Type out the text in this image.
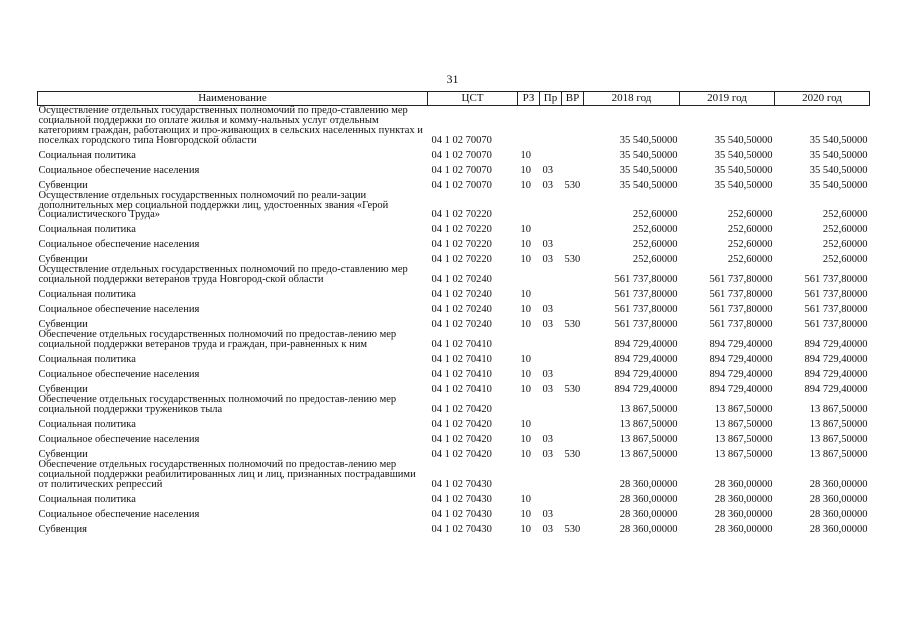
31
Наименование	ЦСТ	РЗ	Пр	ВР	2018 год	2019 год	2020 год
Осуществление отдельных государственных полномочий по предо-ставлению мер социальной поддержки по оплате жилья и комму-нальных услуг отдельным категориям граждан, работающих и про-живающих в сельских населенных пунктах и поселках городского типа Новгородской области	04 1 02 70070				35 540,50000	35 540,50000	35 540,50000
Социальная политика	04 1 02 70070	10			35 540,50000	35 540,50000	35 540,50000
Социальное обеспечение населения	04 1 02 70070	10	03		35 540,50000	35 540,50000	35 540,50000
Субвенции	04 1 02 70070	10	03	530	35 540,50000	35 540,50000	35 540,50000
Осуществление отдельных государственных полномочий по реали-зации дополнительных мер социальной поддержки лиц, удостоенных звания «Герой Социалистического Труда»	04 1 02 70220				252,60000	252,60000	252,60000
Социальная политика	04 1 02 70220	10			252,60000	252,60000	252,60000
Социальное обеспечение населения	04 1 02 70220	10	03		252,60000	252,60000	252,60000
Субвенции	04 1 02 70220	10	03	530	252,60000	252,60000	252,60000
Осуществление отдельных государственных полномочий по предо-ставлению мер социальной поддержки ветеранов труда Новгород-ской области	04 1 02 70240				561 737,80000	561 737,80000	561 737,80000
Социальная политика	04 1 02 70240	10			561 737,80000	561 737,80000	561 737,80000
Социальное обеспечение населения	04 1 02 70240	10	03		561 737,80000	561 737,80000	561 737,80000
Субвенции	04 1 02 70240	10	03	530	561 737,80000	561 737,80000	561 737,80000
Обеспечение отдельных государственных полномочий по предостав-лению мер социальной поддержки ветеранов труда и граждан, при-равненных к ним	04 1 02 70410				894 729,40000	894 729,40000	894 729,40000
Социальная политика	04 1 02 70410	10			894 729,40000	894 729,40000	894 729,40000
Социальное обеспечение населения	04 1 02 70410	10	03		894 729,40000	894 729,40000	894 729,40000
Субвенции	04 1 02 70410	10	03	530	894 729,40000	894 729,40000	894 729,40000
Обеспечение отдельных государственных полномочий по предостав-лению мер социальной поддержки тружеников тыла	04 1 02 70420				13 867,50000	13 867,50000	13 867,50000
Социальная политика	04 1 02 70420	10			13 867,50000	13 867,50000	13 867,50000
Социальное обеспечение населения	04 1 02 70420	10	03		13 867,50000	13 867,50000	13 867,50000
Субвенции	04 1 02 70420	10	03	530	13 867,50000	13 867,50000	13 867,50000
Обеспечение отдельных государственных полномочий по предостав-лению мер социальной поддержки реабилитированных лиц и лиц, признанных пострадавшими от политических репрессий	04 1 02 70430				28 360,00000	28 360,00000	28 360,00000
Социальная политика	04 1 02 70430	10			28 360,00000	28 360,00000	28 360,00000
Социальное обеспечение населения	04 1 02 70430	10	03		28 360,00000	28 360,00000	28 360,00000
Субвенция	04 1 02 70430	10	03	530	28 360,00000	28 360,00000	28 360,00000
